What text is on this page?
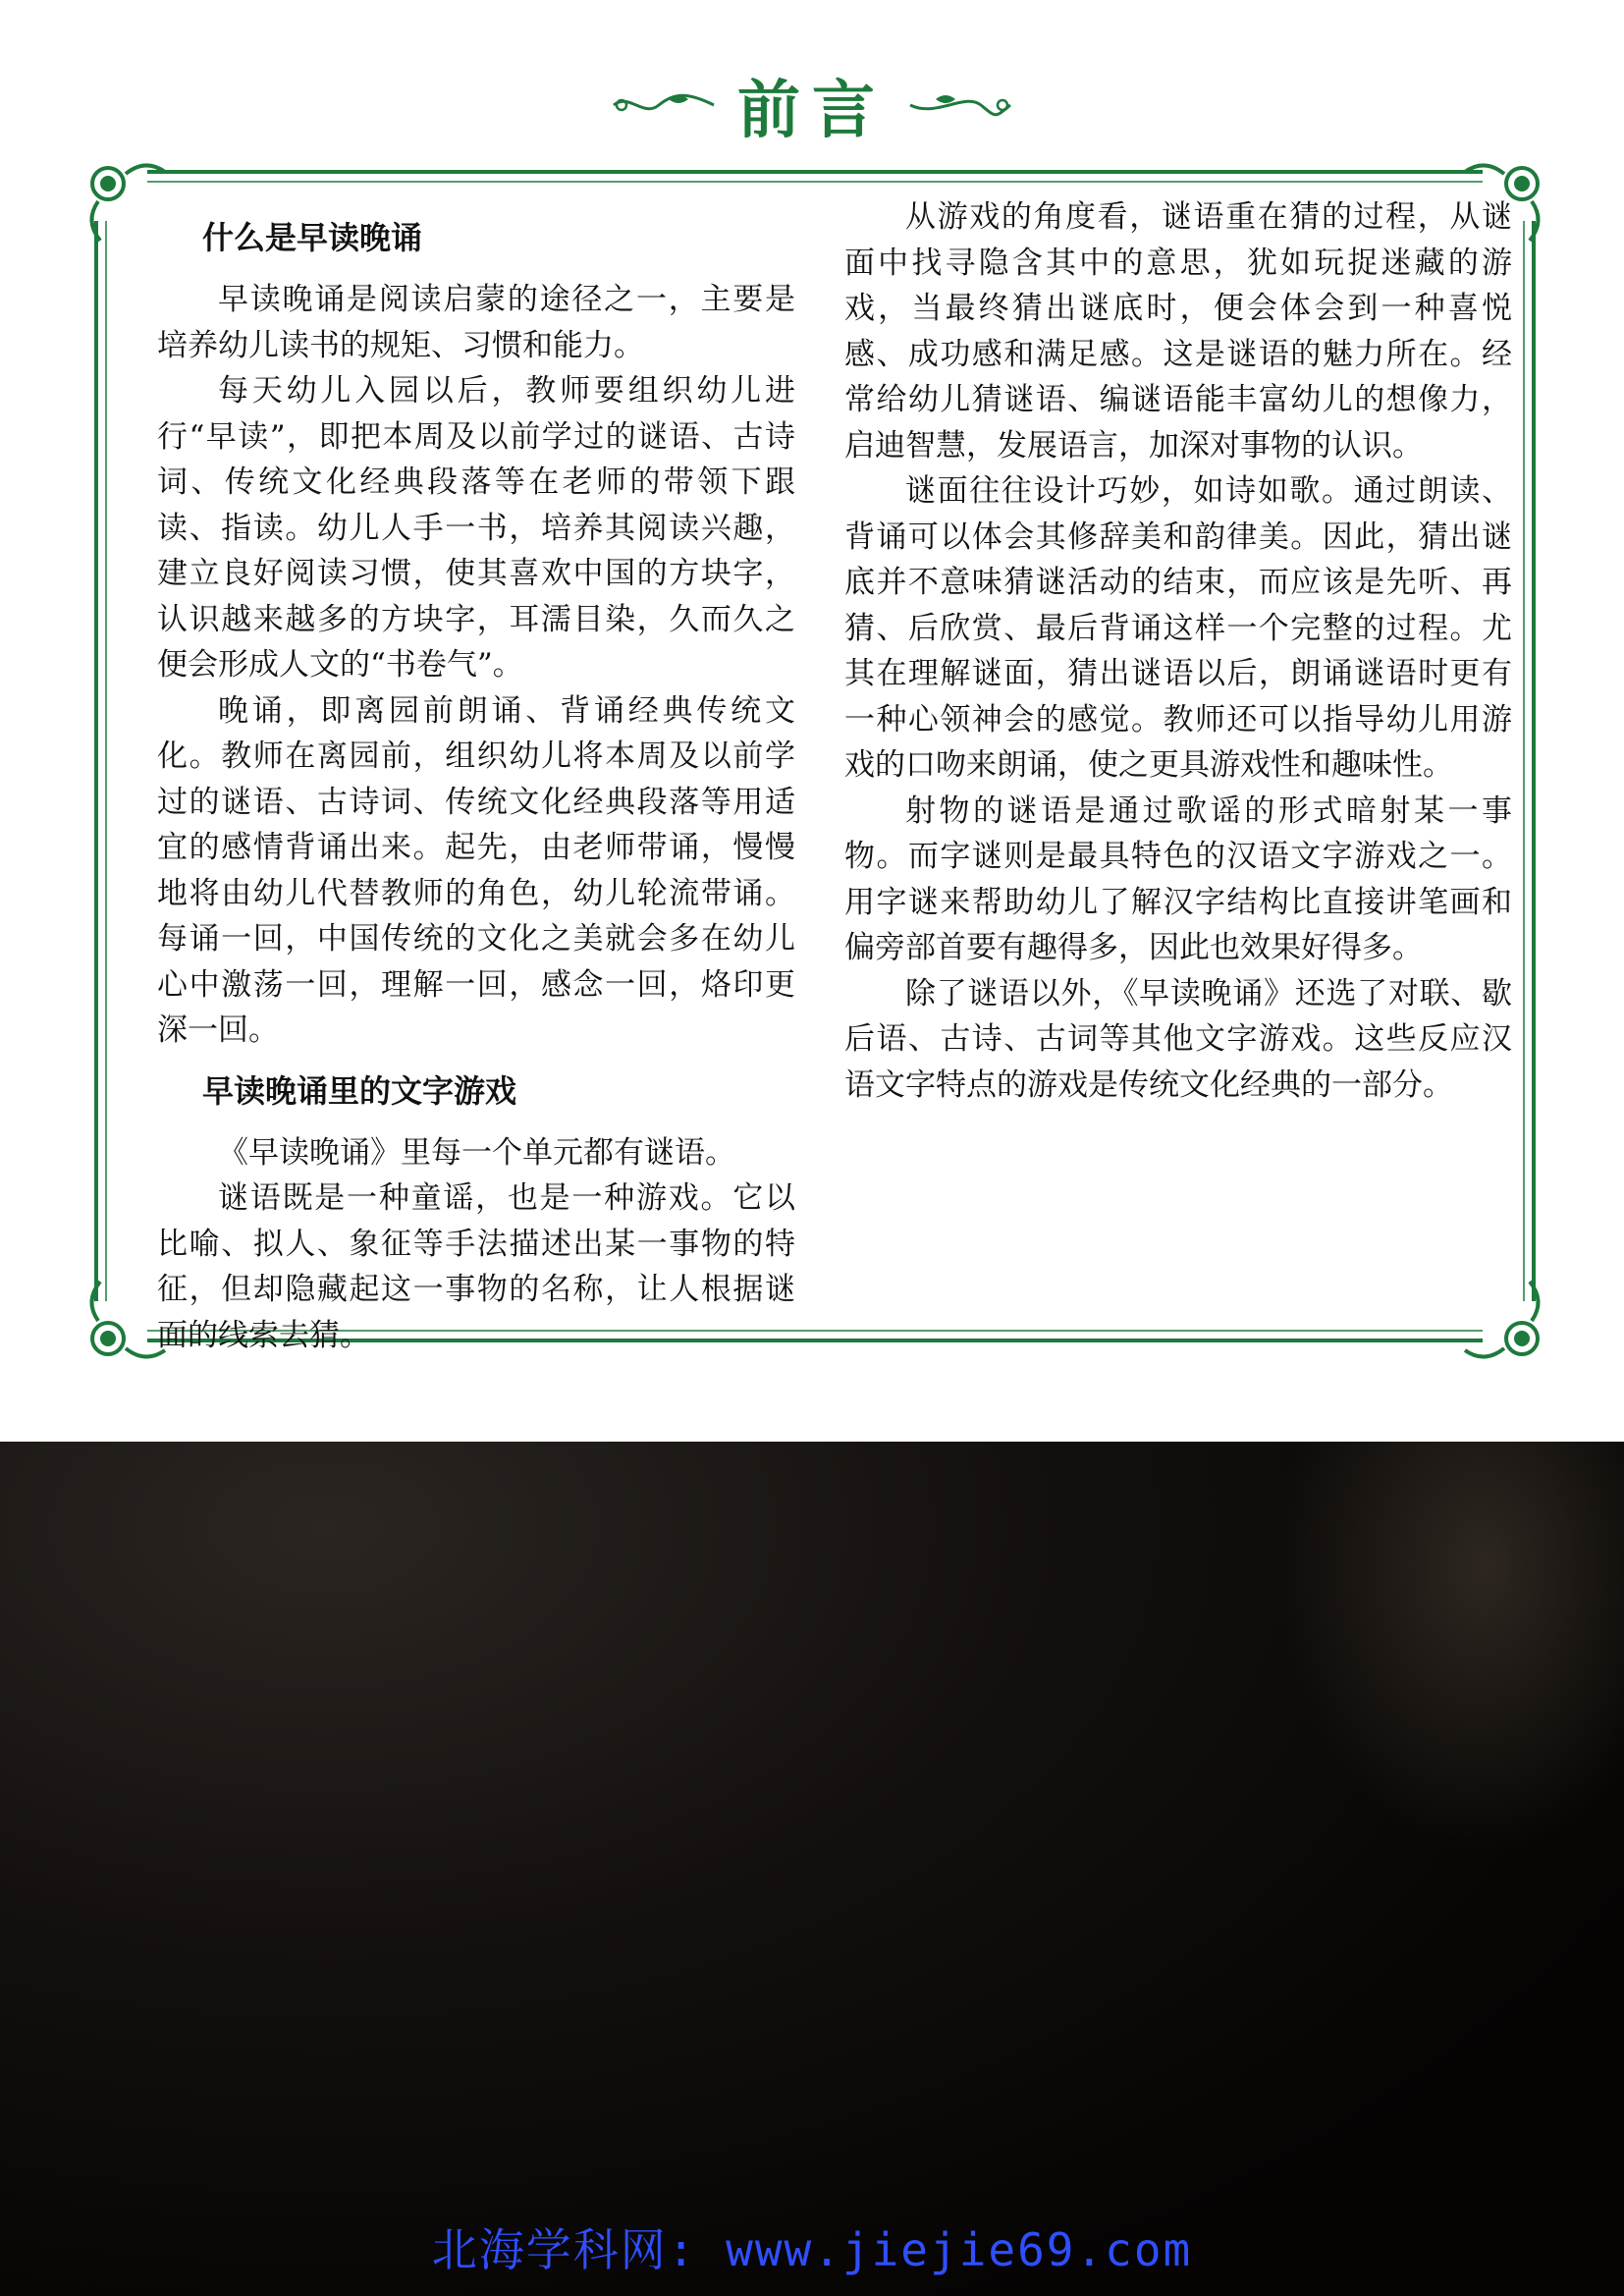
前言
什么是早读晚诵

早读晚诵是阅读启蒙的途径之一，主要是培养幼儿读书的规矩、习惯和能力。

每天幼儿入园以后，教师要组织幼儿进行“早读”，即把本周及以前学过的谜语、古诗词、传统文化经典段落等在老师的带领下跟读、指读。幼儿人手一书，培养其阅读兴趣，建立良好阅读习惯，使其喜欢中国的方块字，认识越来越多的方块字，耳濡目染，久而久之便会形成人文的“书卷气”。

晚诵，即离园前朗诵、背诵经典传统文化。教师在离园前，组织幼儿将本周及以前学过的谜语、古诗词、传统文化经典段落等用适宜的感情背诵出来。起先，由老师带诵，慢慢地将由幼儿代替教师的角色，幼儿轮流带诵。每诵一回，中国传统的文化之美就会多在幼儿心中激荡一回，理解一回，感念一回，烙印更深一回。

早读晚诵里的文字游戏

《早读晚诵》里每一个单元都有谜语。

谜语既是一种童谣，也是一种游戏。它以比喻、拟人、象征等手法描述出某一事物的特征，但却隐藏起这一事物的名称，让人根据谜面的线索去猜。

从游戏的角度看，谜语重在猜的过程，从谜面中找寻隐含其中的意思，犹如玩捉迷藏的游戏，当最终猜出谜底时，便会体会到一种喜悦感、成功感和满足感。这是谜语的魅力所在。经常给幼儿猜谜语、编谜语能丰富幼儿的想像力，启迪智慧，发展语言，加深对事物的认识。

谜面往往设计巧妙，如诗如歌。通过朗读、背诵可以体会其修辞美和韵律美。因此，猜出谜底并不意味猜谜活动的结束，而应该是先听、再猜、后欣赏、最后背诵这样一个完整的过程。尤其在理解谜面，猜出谜语以后，朗诵谜语时更有一种心领神会的感觉。教师还可以指导幼儿用游戏的口吻来朗诵，使之更具游戏性和趣味性。

射物的谜语是通过歌谣的形式暗射某一事物。而字谜则是最具特色的汉语文字游戏之一。用字谜来帮助幼儿了解汉字结构比直接讲笔画和偏旁部首要有趣得多，因此也效果好得多。

除了谜语以外，《早读晚诵》还选了对联、歇后语、古诗、古词等其他文字游戏。这些反应汉语文字特点的游戏是传统文化经典的一部分。

北海学科网: www.jiejie69.com
